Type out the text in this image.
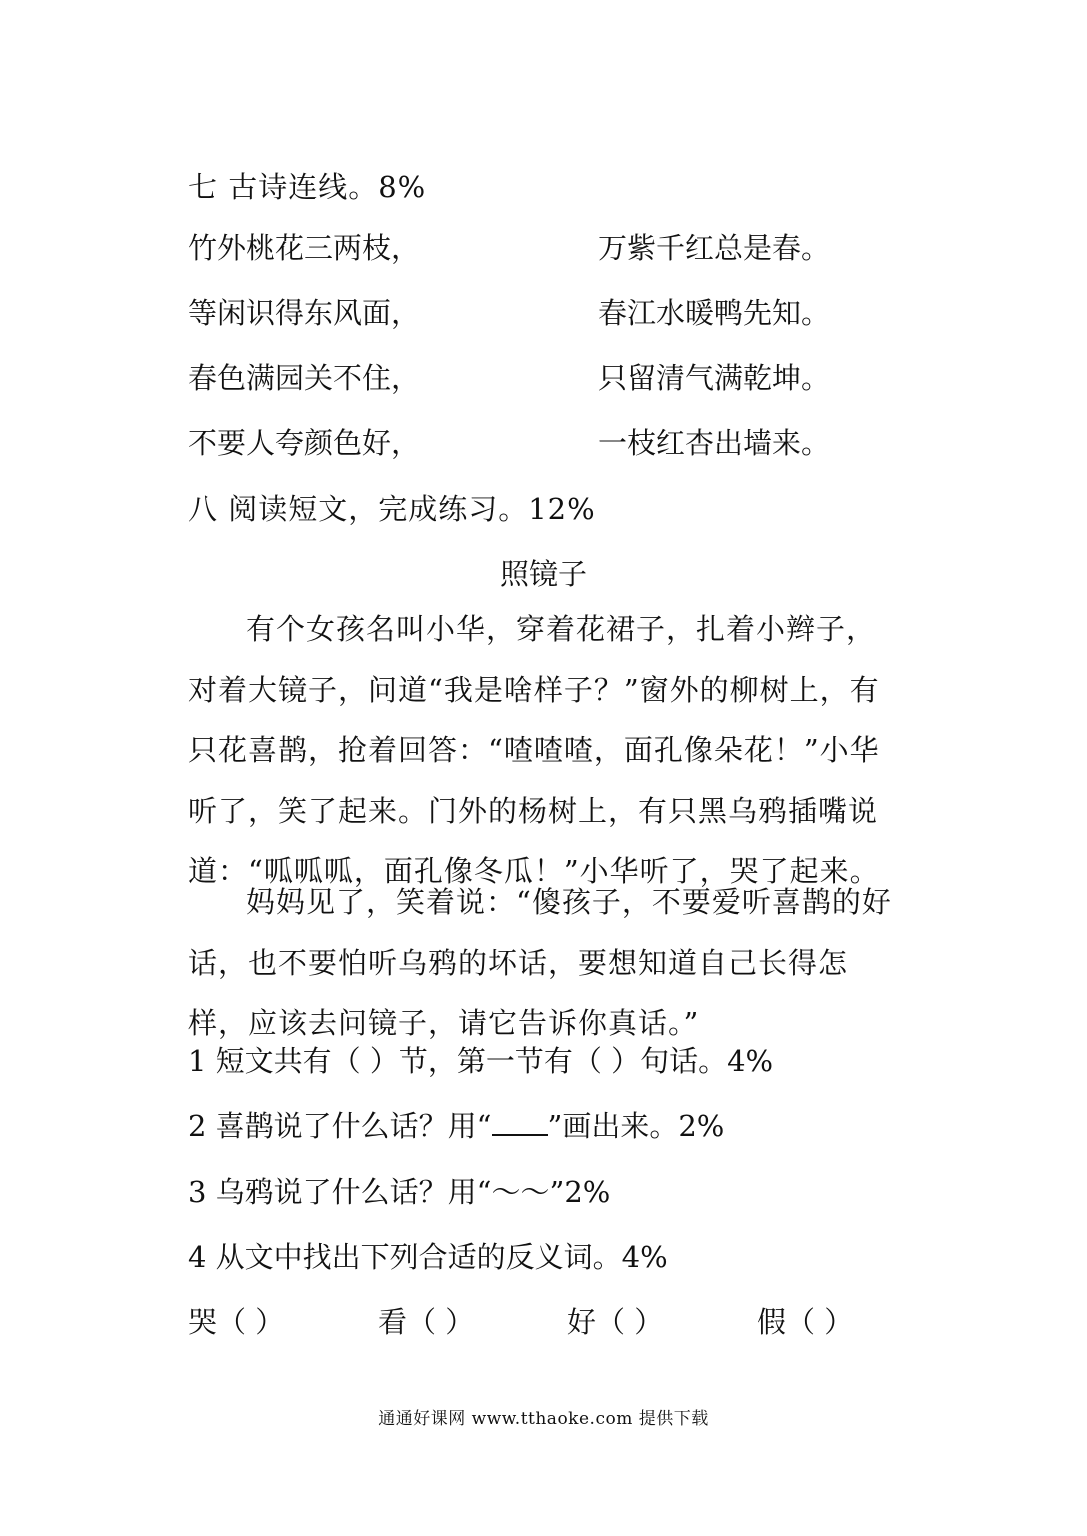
七 古诗连线。8%
竹外桃花三两枝，	万紫千红总是春。
等闲识得东风面，	春江水暖鸭先知。
春色满园关不住，	只留清气满乾坤。
不要人夸颜色好，	一枝红杏出墙来。
八 阅读短文，完成练习。12%
照镜子

有个女孩名叫小华，穿着花裙子，扎着小辫子，对着大镜子，问道“我是啥样子？”窗外的柳树上，有只花喜鹊，抢着回答：“喳喳喳，面孔像朵花！”小华听了，笑了起来。门外的杨树上，有只黑乌鸦插嘴说道：“呱呱呱，面孔像冬瓜！”小华听了，哭了起来。

妈妈见了，笑着说：“傻孩子，不要爱听喜鹊的好话，也不要怕听乌鸦的坏话，要想知道自己长得怎样，应该去问镜子，请它告诉你真话。”

1 短文共有（ ）节，第一节有（ ）句话。4%
2 喜鹊说了什么话？用“ ”画出来。2%
3 乌鸦说了什么话？用“～～”2%
4 从文中找出下列合适的反义词。4%
哭（ ）	看（ ）	好（ ）	假（ ）
通通好课网 www.tthaoke.com 提供下载
